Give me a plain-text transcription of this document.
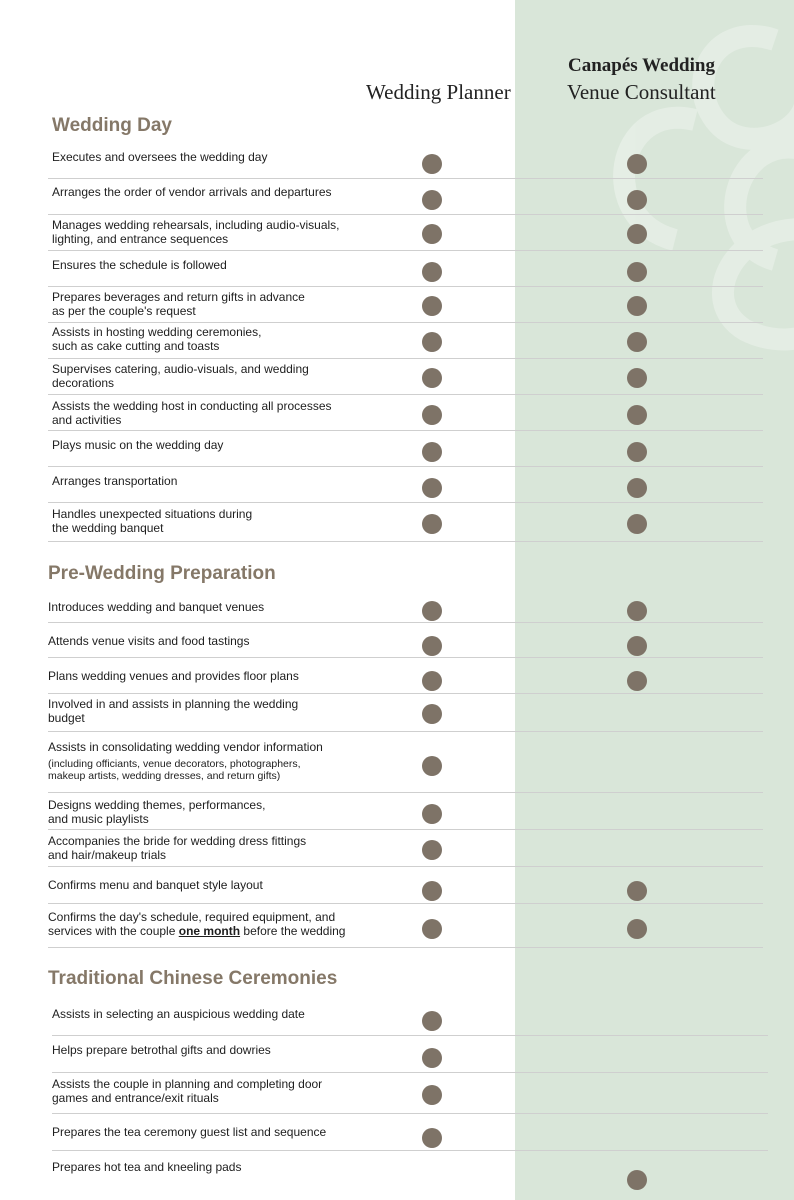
Wedding Planner
Canapés Wedding
Venue Consultant
Wedding Day
Executes and oversees the wedding day
Arranges the order of vendor arrivals and departures
Manages wedding rehearsals, including audio-visuals,
lighting, and entrance sequences
Ensures the schedule is followed
Prepares beverages and return gifts in advance
as per the couple's request
Assists in hosting wedding ceremonies,
such as cake cutting and toasts
Supervises catering, audio-visuals, and wedding
decorations
Assists the wedding host in conducting all processes
and activities
Plays music on the wedding day
Arranges transportation
Handles unexpected situations during
the wedding banquet
Pre-Wedding Preparation
Introduces wedding and banquet venues
Attends venue visits and food tastings
Plans wedding venues and provides floor plans
Involved in and assists in planning the wedding
budget
Assists in consolidating wedding vendor information
(including officiants, venue decorators, photographers,
makeup artists, wedding dresses, and return gifts)
Designs wedding themes, performances,
and music playlists
Accompanies the bride for wedding dress fittings
and hair/makeup trials
Confirms menu and banquet style layout
Confirms the day's schedule, required equipment, and
services with the couple one month before the wedding
Traditional Chinese Ceremonies
Assists in selecting an auspicious wedding date
Helps prepare betrothal gifts and dowries
Assists the couple in planning and completing door
games and entrance/exit rituals
Prepares the tea ceremony guest list and sequence
Prepares hot tea and kneeling pads
